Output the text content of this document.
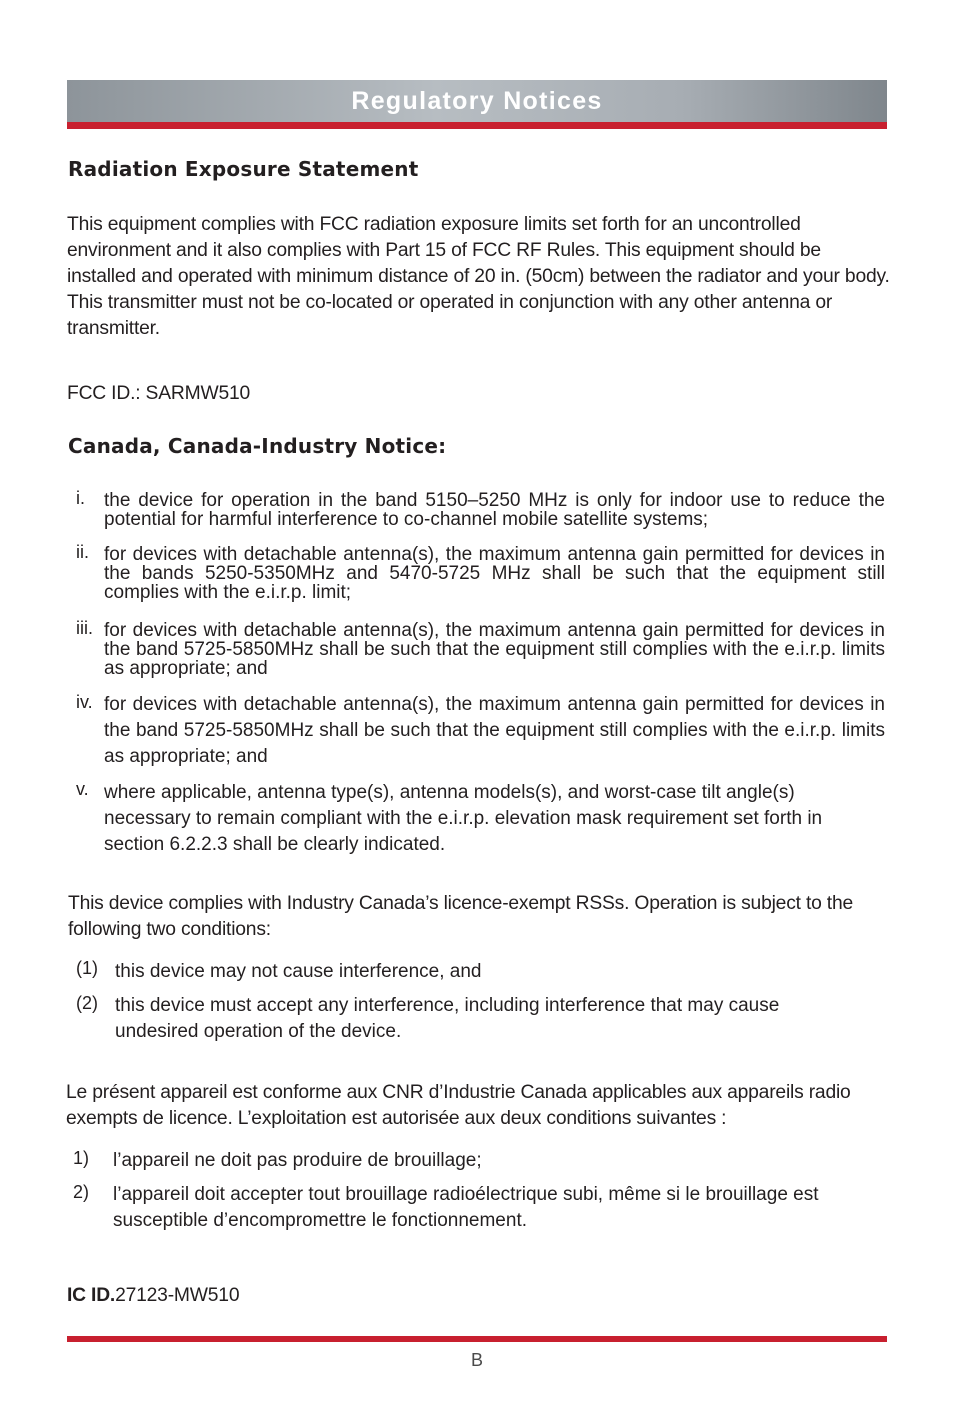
Regulatory Notices
Radiation Exposure Statement
This equipment complies with FCC radiation exposure limits set forth for an uncontrolled environment and it also complies with Part 15 of FCC RF Rules. This equipment should be installed and operated with minimum distance of 20 in. (50cm) between the radiator and your body. This transmitter must not be co-located or operated in conjunction with any other antenna or transmitter.
FCC ID.: SARMW510
Canada, Canada-Industry Notice:
i. the device for operation in the band 5150–5250 MHz is only for indoor use to reduce the potential for harmful interference to co-channel mobile satellite systems;
ii. for devices with detachable antenna(s), the maximum antenna gain permitted for devices in the bands 5250-5350MHz and 5470-5725 MHz shall be such that the equipment still complies with the e.i.r.p. limit;
iii. for devices with detachable antenna(s), the maximum antenna gain permitted for devices in the band 5725-5850MHz shall be such that the equipment still complies with the e.i.r.p. limits as appropriate; and
iv. for devices with detachable antenna(s), the maximum antenna gain permitted for devices in the band 5725-5850MHz shall be such that the equipment still complies with the e.i.r.p. limits as appropriate; and
v. where applicable, antenna type(s), antenna models(s), and worst-case tilt angle(s) necessary to remain compliant with the e.i.r.p. elevation mask requirement set forth in section 6.2.2.3 shall be clearly indicated.
This device complies with Industry Canada’s licence-exempt RSSs. Operation is subject to the following two conditions:
(1) this device may not cause interference, and
(2) this device must accept any interference, including interference that may cause undesired operation of the device.
Le présent appareil est conforme aux CNR d’Industrie Canada applicables aux appareils radio exempts de licence. L’exploitation est autorisée aux deux conditions suivantes :
1) l’appareil ne doit pas produire de brouillage;
2) l’appareil doit accepter tout brouillage radioélectrique subi, même si le brouillage est susceptible d’encompromettre le fonctionnement.
IC ID.27123-MW510
B
